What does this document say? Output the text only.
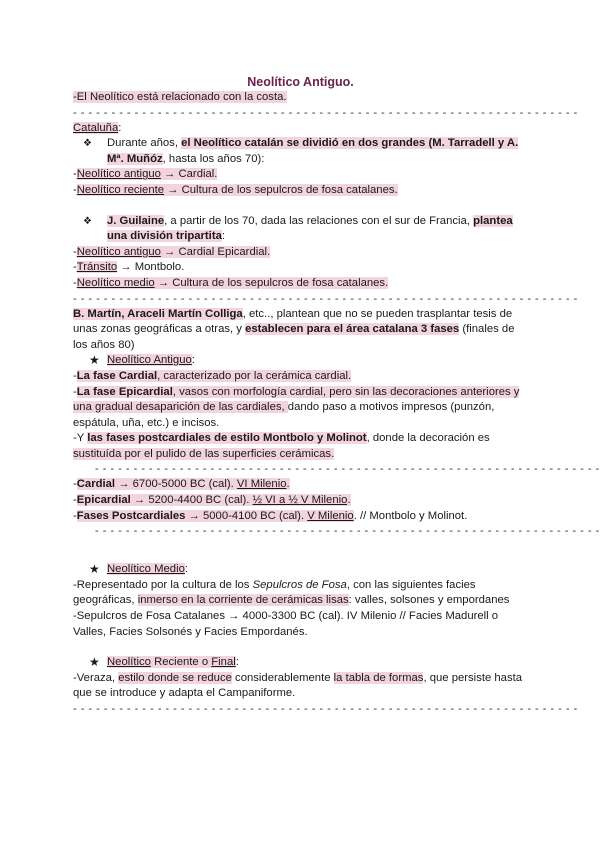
Neolítico Antiguo.
-El Neolítico está relacionado con la costa.
- - - - - - - - - - - - - - - - - - - - - - - - - - - - - - - - - - - - - - - - - - - - - - - - - - - - - - - - - - - - - - - - - -
Cataluña:
❖ Durante años, el Neolítico catalán se dividió en dos grandes (M. Tarradell y A. Mª. Muñóz, hasta los años 70):
-Neolítico antiguo → Cardial.
-Neolítico reciente → Cultura de los sepulcros de fosa catalanes.
❖ J. Guilaine, a partir de los 70, dada las relaciones con el sur de Francia, plantea una división tripartita:
-Neolítico antiguo → Cardial Epicardial.
-Tránsito → Montbolo.
-Neolítico medio → Cultura de los sepulcros de fosa catalanes.
- - - - - - - - - - - - - - - - - - - - - - - - - - - - - - - - - - - - - - - - - - - - - - - - - - - - - - - - - - - - - - - - - -
B. Martín, Araceli Martín Colliga, etc.., plantean que no se pueden trasplantar tesis de unas zonas geográficas a otras, y establecen para el área catalana 3 fases (finales de los años 80)
★ Neolítico Antiguo:
-La fase Cardial, caracterizado por la cerámica cardial.
-La fase Epicardial, vasos con morfología cardial, pero sin las decoraciones anteriores y una gradual desaparición de las cardiales, dando paso a motivos impresos (punzón, espátula, uña, etc.) e incisos.
-Y las fases postcardiales de estilo Montbolo y Molinot, donde la decoración es sustituída por el pulido de las superficies cerámicas.
- - - - - - - - - - - - - - - - - - - - - - - - - - - - - - - - - - - - - - - - - - - - - - - - - - - - - - - - - - - - - - - - - -
-Cardial → 6700-5000 BC (cal). VI Milenio.
-Epicardial → 5200-4400 BC (cal). ½ VI a ½ V Milenio.
-Fases Postcardiales → 5000-4100 BC (cal). V Milenio. // Montbolo y Molinot.
- - - - - - - - - - - - - - - - - - - - - - - - - - - - - - - - - - - - - - - - - - - - - - - - - - - - - - - - - - - - - - - - - -
★ Neolítico Medio:
-Representado por la cultura de los Sepulcros de Fosa, con las siguientes facies geográficas, inmerso en la corriente de cerámicas lisas: valles, solsones y empordanes
-Sepulcros de Fosa Catalanes → 4000-3300 BC (cal). IV Milenio // Facies Madurell o Valles, Facies Solsonés y Facies Empordanés.
★ Neolítico Reciente o Final:
-Veraza, estilo donde se reduce considerablemente la tabla de formas, que persiste hasta que se introduce y adapta el Campaniforme.
- - - - - - - - - - - - - - - - - - - - - - - - - - - - - - - - - - - - - - - - - - - - - - - - - - - - - - - - - - - - - - - - - -
